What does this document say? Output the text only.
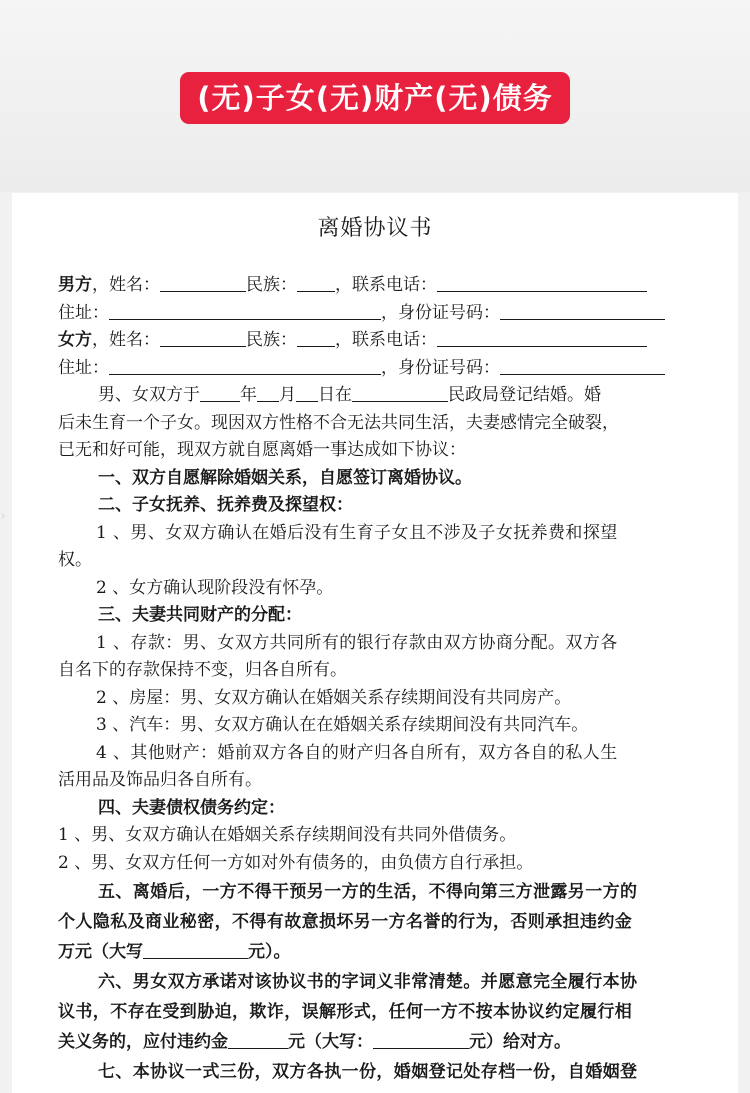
(无)子女(无)财产(无)债务
›
离婚协议书
男方，姓名：	民族： ，联系电话：
住址：	，身份证号码：
女方，姓名：	民族： ，联系电话：
住址：	，身份证号码：
男、女双方于 年 月 日在	民政局登记结婚。婚
后未生育一个子女。现因双方性格不合无法共同生活，夫妻感情完全破裂，
已无和好可能，现双方就自愿离婚一事达成如下协议：
一、双方自愿解除婚姻关系，自愿签订离婚协议。
二、子女抚养、抚养费及探望权：
1 、男、女双方确认在婚后没有生育子女且不涉及子女抚养费和探望
权。
2 、女方确认现阶段没有怀孕。
三、夫妻共同财产的分配：
1 、存款：男、女双方共同所有的银行存款由双方协商分配。双方各
自名下的存款保持不变，归各自所有。
2 、房屋：男、女双方确认在婚姻关系存续期间没有共同房产。
3 、汽车：男、女双方确认在在婚姻关系存续期间没有共同汽车。
4 、其他财产：婚前双方各自的财产归各自所有，双方各自的私人生
活用品及饰品归各自所有。
四、夫妻债权债务约定：
1 、男、女双方确认在婚姻关系存续期间没有共同外借债务。
2 、男、女双方任何一方如对外有债务的，由负债方自行承担。
五、离婚后，一方不得干预另一方的生活，不得向第三方泄露另一方的
个人隐私及商业秘密，不得有故意损坏另一方名誉的行为，否则承担违约金
万元（大写	元）。
六、男女双方承诺对该协议书的字词义非常清楚。并愿意完全履行本协
议书，不存在受到胁迫，欺诈，误解形式，任何一方不按本协议约定履行相
关义务的，应付违约金	元（大写：	元）给对方。
七、本协议一式三份，双方各执一份，婚姻登记处存档一份，自婚姻登
